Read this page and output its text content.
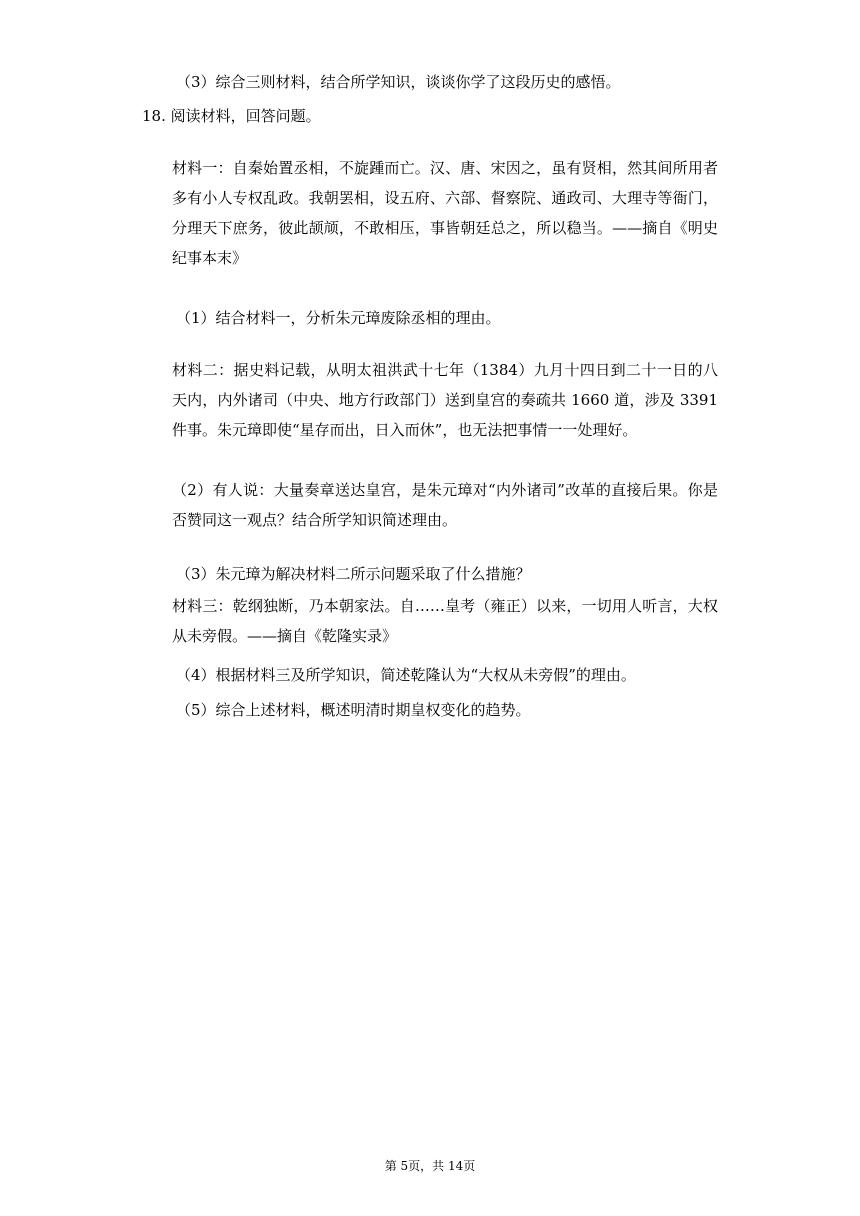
（3）综合三则材料，结合所学知识，谈谈你学了这段历史的感悟。
18. 阅读材料，回答问题。
材料一：自秦始置丞相，不旋踵而亡。汉、唐、宋因之，虽有贤相，然其间所用者多有小人专权乱政。我朝罢相，设五府、六部、督察院、通政司、大理寺等衙门，分理天下庶务，彼此颉颃，不敢相压，事皆朝廷总之，所以稳当。——摘自《明史纪事本末》
（1）结合材料一，分析朱元璋废除丞相的理由。
材料二：据史料记载，从明太祖洪武十七年（1384）九月十四日到二十一日的八天内，内外诸司（中央、地方行政部门）送到皇宫的奏疏共 1660 道，涉及 3391 件事。朱元璋即使“星存而出，日入而休”，也无法把事情一一处理好。
（2）有人说：大量奏章送达皇宫，是朱元璋对“内外诸司”改革的直接后果。你是否赞同这一观点？结合所学知识简述理由。
（3）朱元璋为解决材料二所示问题采取了什么措施？
材料三：乾纲独断，乃本朝家法。自……皇考（雍正）以来，一切用人听言，大权从未旁假。——摘自《乾隆实录》
（4）根据材料三及所学知识，简述乾隆认为“大权从未旁假”的理由。
（5）综合上述材料，概述明清时期皇权变化的趋势。
第 5页，共 14页
